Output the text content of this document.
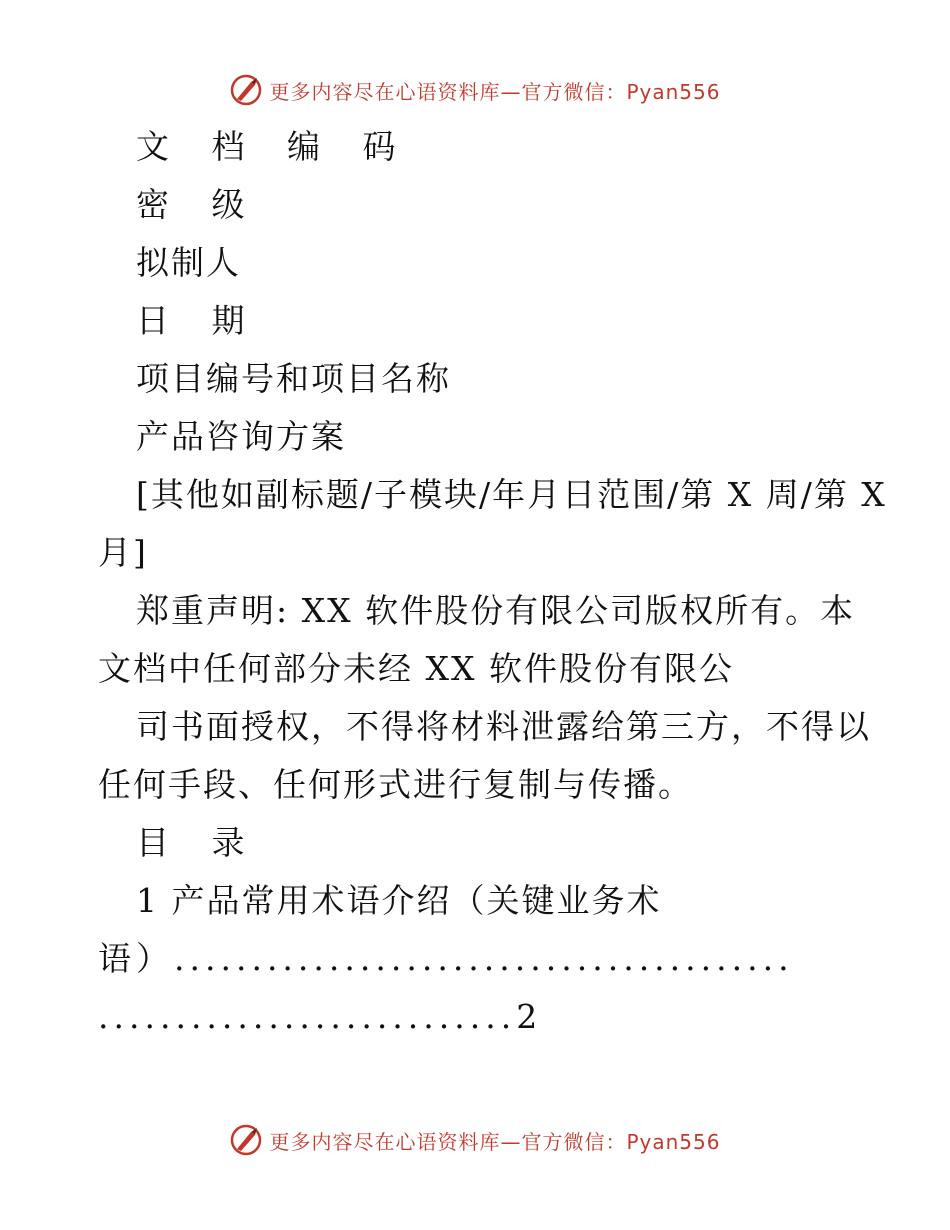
更多内容尽在心语资料库—官方微信：Pyan556
文 档 编 码
密 级
拟制人
日 期
项目编号和项目名称
产品咨询方案
[其他如副标题/子模块/年月日范围/第 X 周/第 X
月]
郑重声明: XX 软件股份有限公司版权所有。本
文档中任何部分未经 XX 软件股份有限公
司书面授权，不得将材料泄露给第三方，不得以
任何手段、任何形式进行复制与传播。
目 录
1 产品常用术语介绍（关键业务术
语）........................................
...........................2
更多内容尽在心语资料库—官方微信：Pyan556
